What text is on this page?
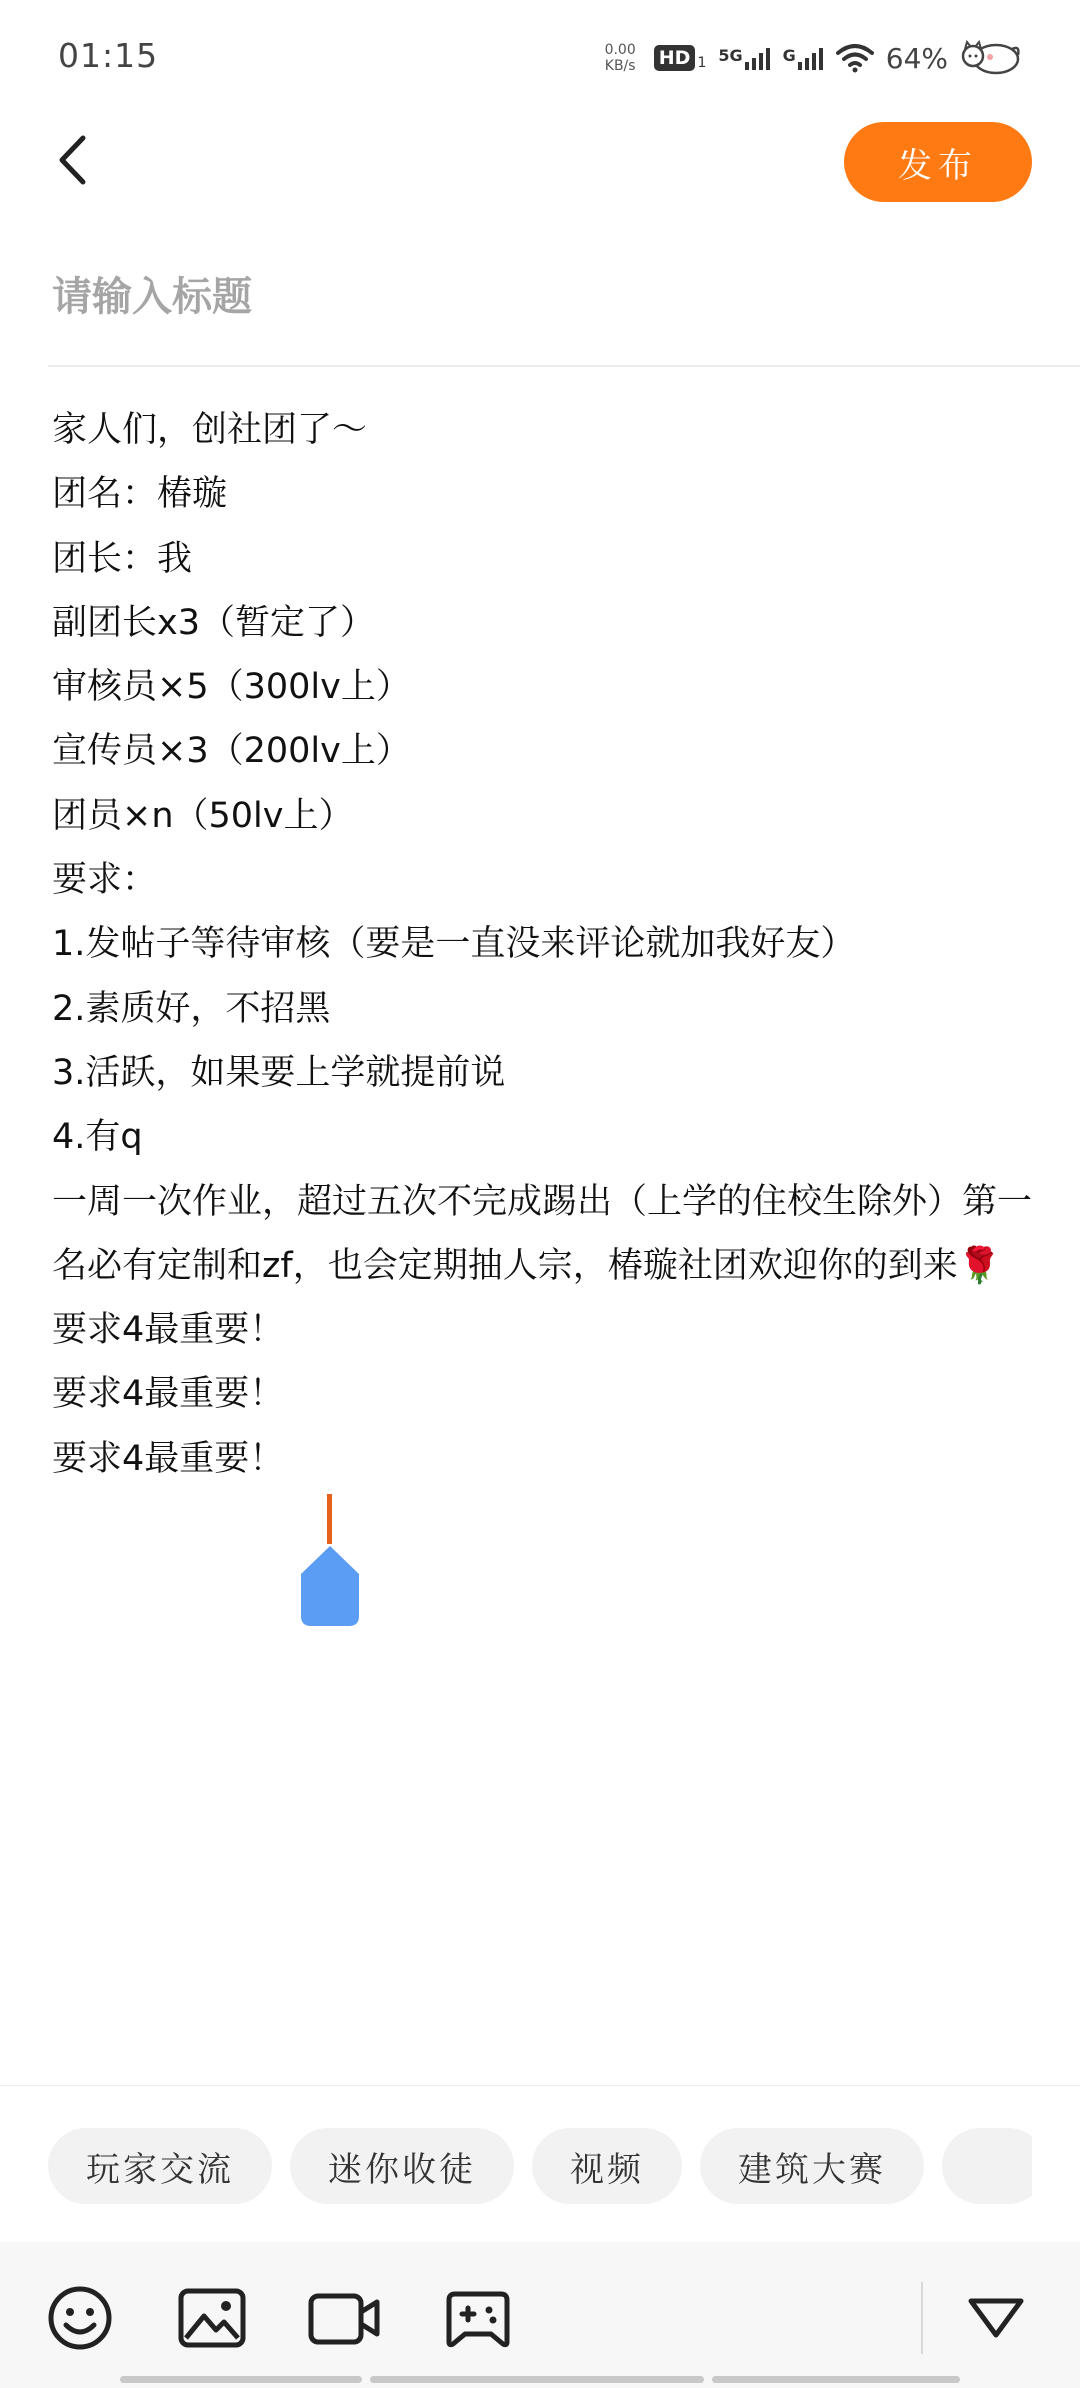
01:15	0.00
KB/s HD 1 5G	G	64%
发布
请输入标题
家人们，创社团了～
团名：椿璇
团长：我
副团长x3（暂定了）
审核员×5（300lv上）
宣传员×3（200lv上）
团员×n（50lv上）
要求：
1.发帖子等待审核（要是一直没来评论就加我好友）
2.素质好，不招黑
3.活跃，如果要上学就提前说
4.有q
一周一次作业，超过五次不完成踢出（上学的住校生除外）第一名必有定制和zf，也会定期抽人宗，椿璇社团欢迎你的到来🌹
要求4最重要！
要求4最重要！
要求4最重要！
玩家交流	迷你收徒	视频	建筑大赛
